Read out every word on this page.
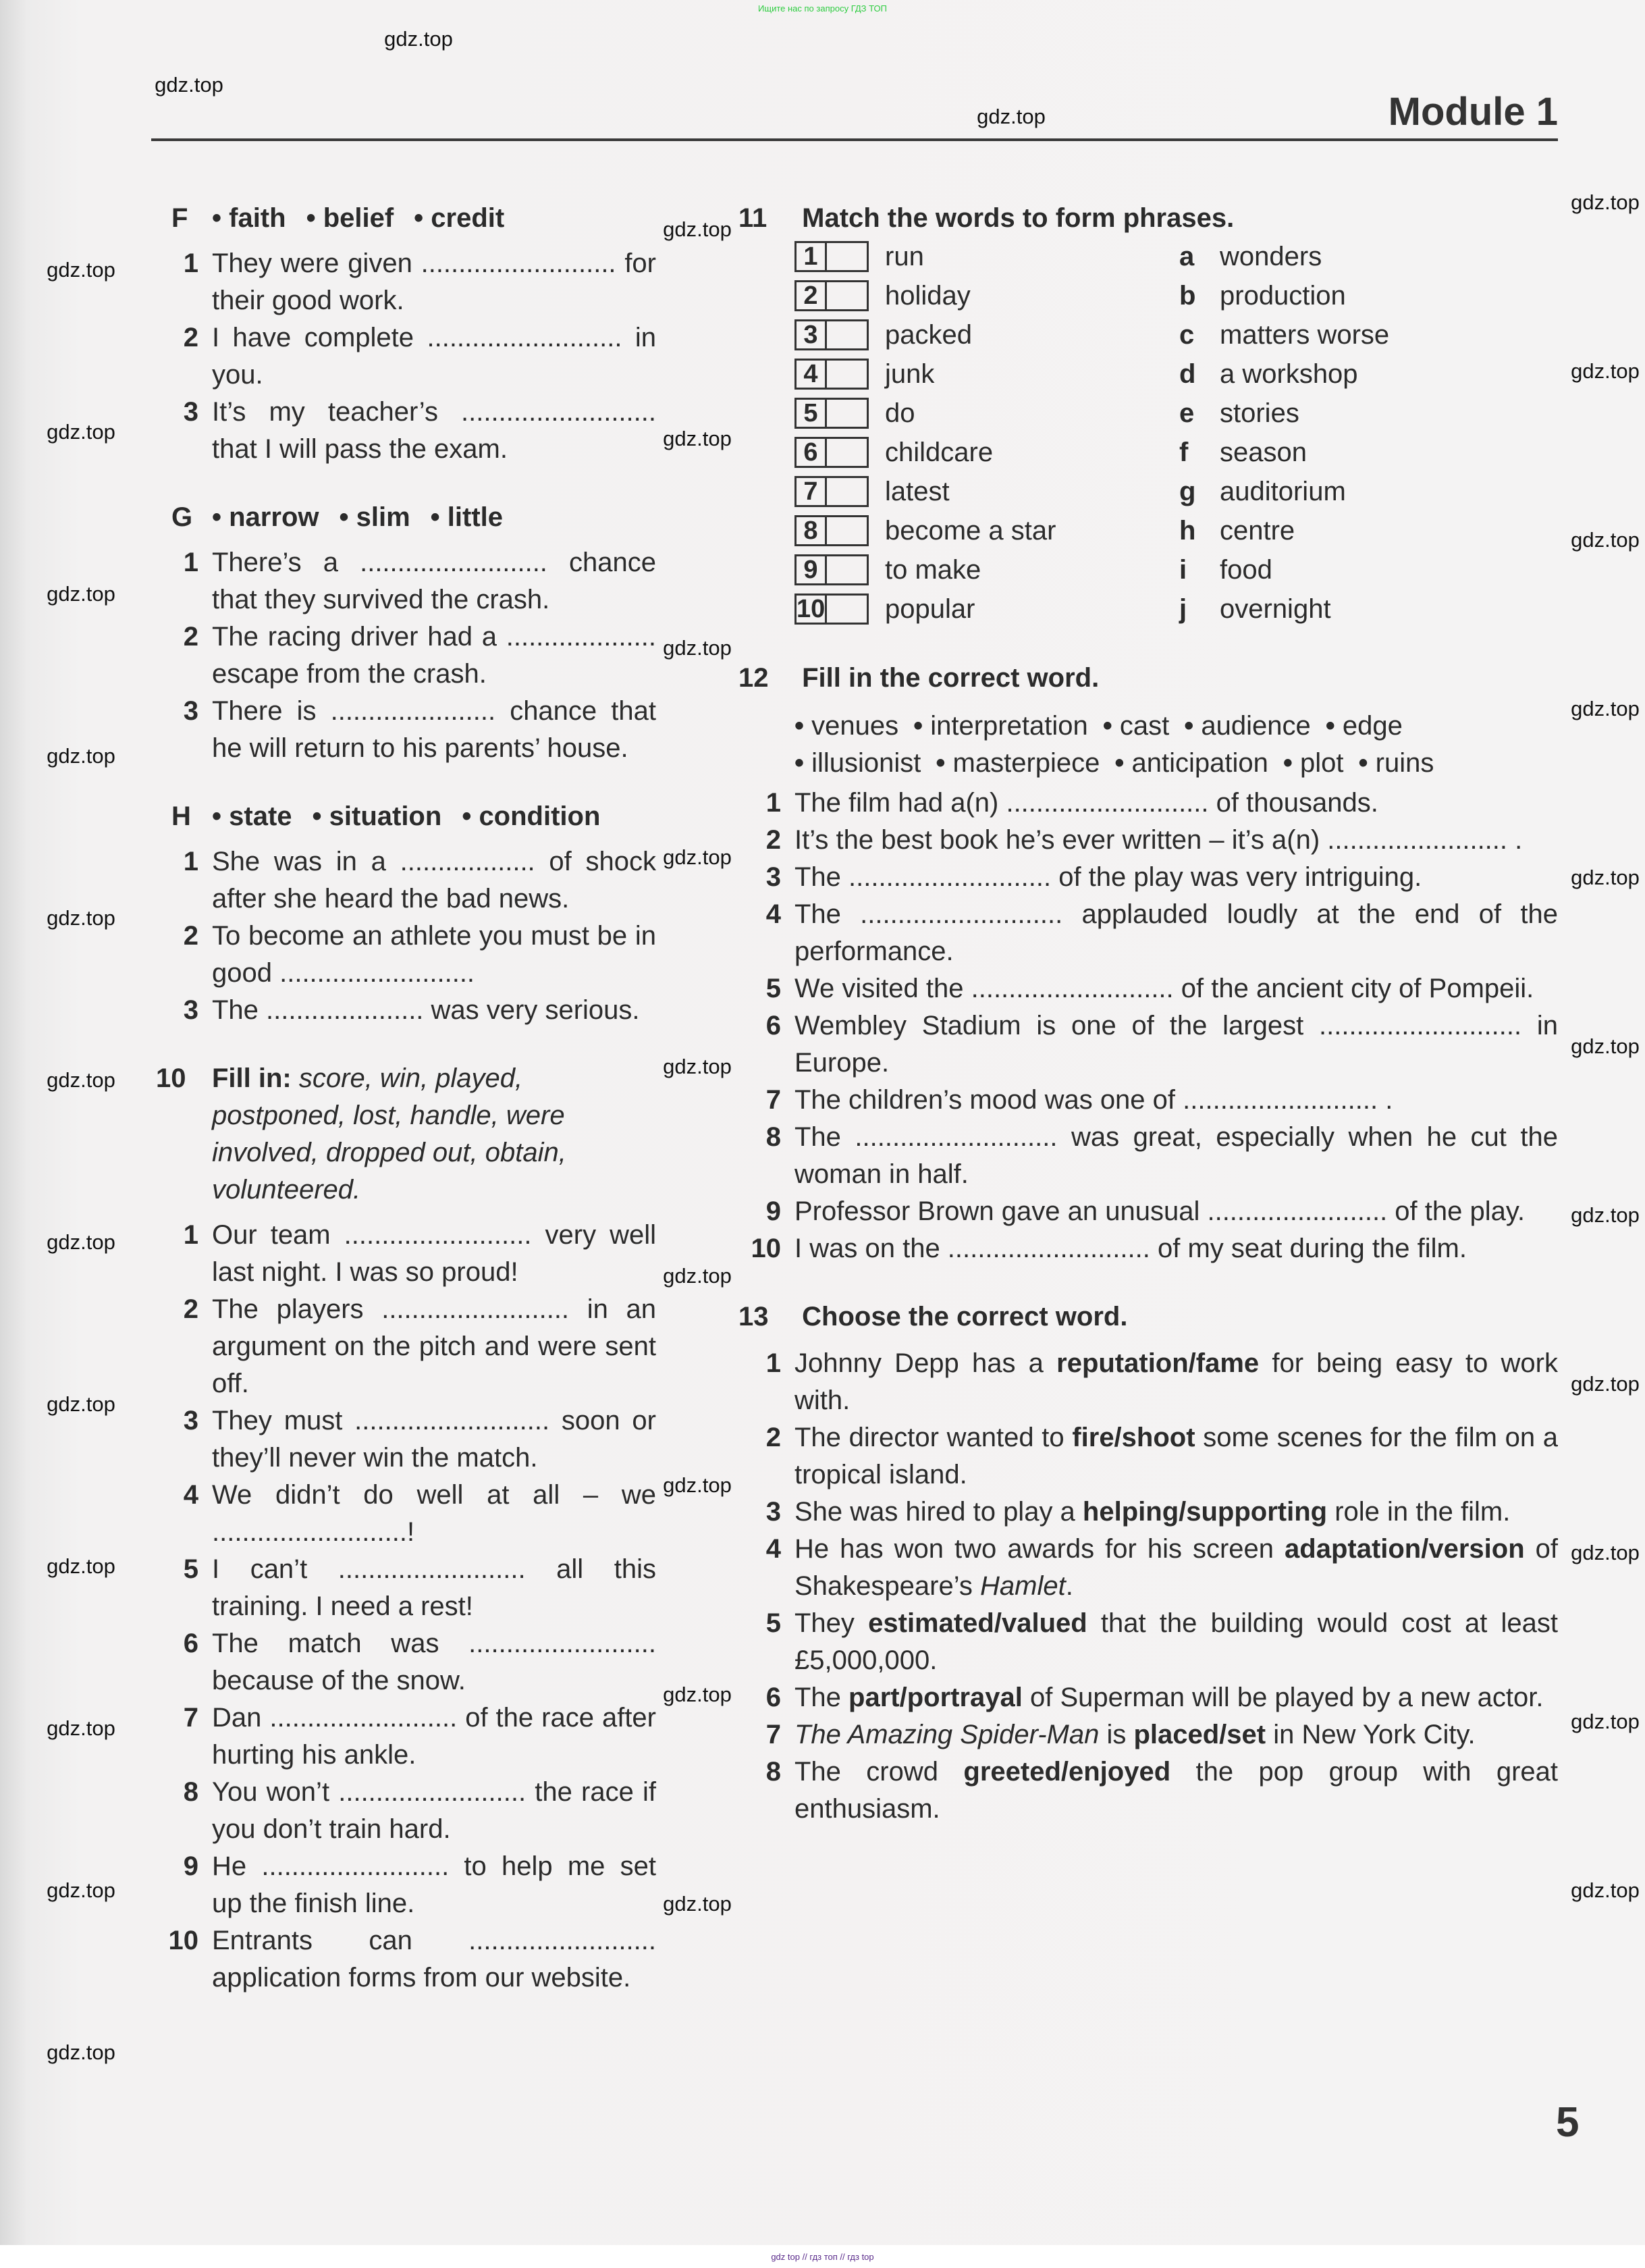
Module 1
F • faith • belief • credit
1 They were given .......................... for their good work.
2 I have complete .......................... in you.
3 It’s my teacher’s .......................... that I will pass the exam.
G • narrow • slim • little
1 There’s a ......................... chance that they survived the crash.
2 The racing driver had a .................... escape from the crash.
3 There is ...................... chance that he will return to his parents’ house.
H • state • situation • condition
1 She was in a .................. of shock after she heard the bad news.
2 To become an athlete you must be in good ..........................
3 The ..................... was very serious.
10 Fill in: score, win, played, postponed, lost, handle, were involved, dropped out, obtain, volunteered.
1 Our team ......................... very well last night. I was so proud!
2 The players ......................... in an argument on the pitch and were sent off.
3 They must .......................... soon or they’ll never win the match.
4 We didn’t do well at all – we ..........................!
5 I can’t ......................... all this training. I need a rest!
6 The match was ......................... because of the snow.
7 Dan ......................... of the race after hurting his ankle.
8 You won’t ......................... the race if you don’t train hard.
9 He ......................... to help me set up the finish line.
10 Entrants can ......................... application forms from our website.
11 Match the words to form phrases.
1	run	a wonders
2	holiday	b production
3	packed	c matters worse
4	junk	d a workshop
5	do	e stories
6	childcare	f	season
7	latest	g auditorium
8	become a star	h centre
9	to make	i	food
10	popular	j	overnight
12 Fill in the correct word.
• venues • interpretation • cast • audience • edge
• illusionist • masterpiece • anticipation • plot • ruins
1 The film had a(n) ........................... of thousands.
2 It’s the best book he’s ever written – it’s a(n) ........................ .
3 The ........................... of the play was very intriguing.
4 The ........................... applauded loudly at the end of the performance.
5 We visited the ........................... of the ancient city of Pompeii.
6 Wembley Stadium is one of the largest ........................... in Europe.
7 The children’s mood was one of .......................... .
8 The ........................... was great, especially when he cut the woman in half.
9 Professor Brown gave an unusual ........................ of the play.
10 I was on the ........................... of my seat during the film.
13 Choose the correct word.
1 Johnny Depp has a reputation/fame for being easy to work with.
2 The director wanted to fire/shoot some scenes for the film on a tropical island.
3 She was hired to play a helping/supporting role in the film.
4 He has won two awards for his screen adaptation/version of Shakespeare’s Hamlet.
5 They estimated/valued that the building would cost at least £5,000,000.
6 The part/portrayal of Superman will be played by a new actor.
7 The Amazing Spider-Man is placed/set in New York City.
8 The crowd greeted/enjoyed the pop group with great enthusiasm.
5
gdz.top
gdz.top
gdz.top
gdz.top
gdz.top
gdz.top
gdz.top
gdz.top
gdz.top
gdz.top
gdz.top
gdz.top
gdz.top
gdz.top
gdz.top
gdz.top
gdz.top
gdz.top
gdz.top
gdz.top
gdz.top
gdz.top
gdz.top
gdz.top
gdz.top
gdz.top
gdz.top
gdz.top
gdz.top
gdz.top
gdz.top
gdz.top
gdz.top
gdz.top
gdz.top
Ищите нас по запросу ГДЗ ТОП
gdz top // гдз топ // гдз top
